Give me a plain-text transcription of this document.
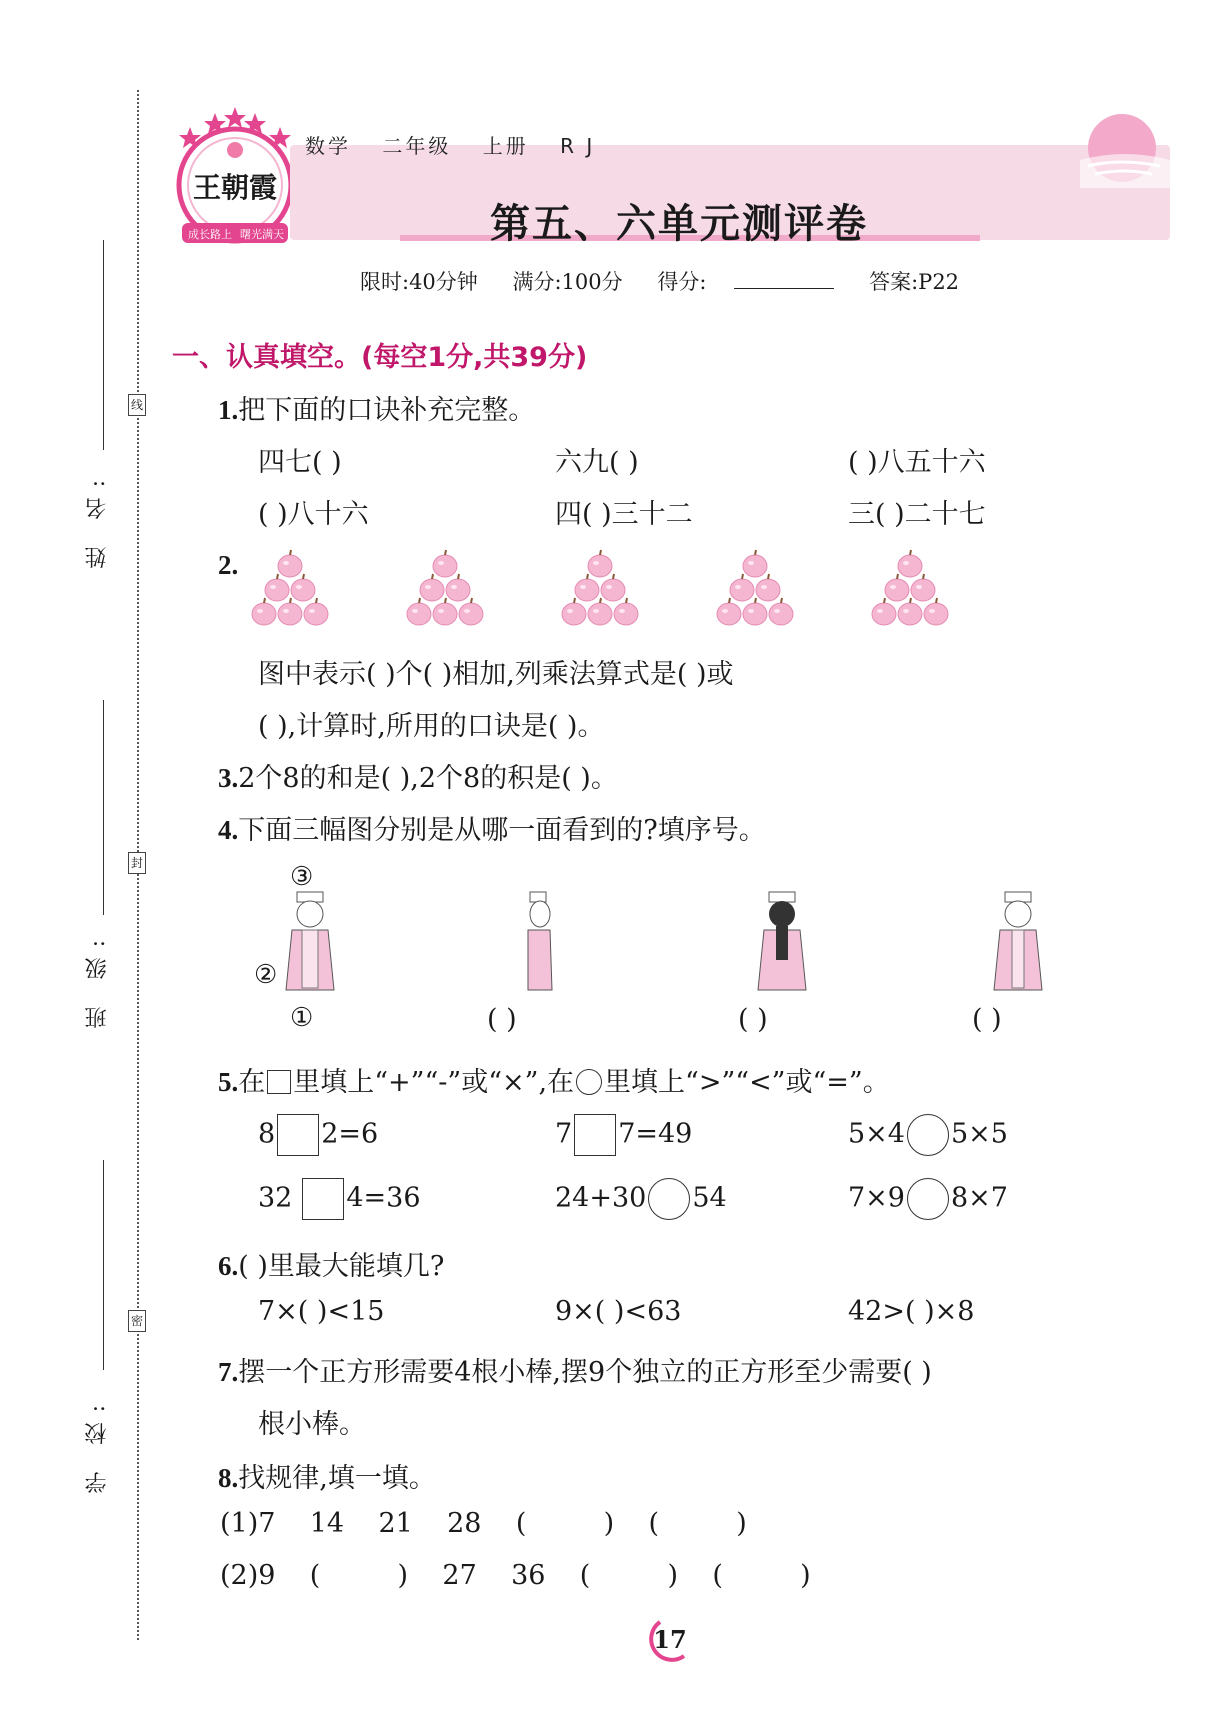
线
封
密
姓 名:
班 级:
学 校:
王朝霞
成长路上 曙光满天
数学 二年级 上册 R J
第五、六单元测评卷
限时:40分钟 满分:100分 得分:	答案:P22
一、认真填空。(每空1分,共39分)
1.把下面的口诀补充完整。
四七( )	六九( )	( )八五十六
( )八十六	四( )三十二	三( )二十七
2.
图中表示( )个( )相加,列乘法算式是( )或
( ),计算时,所用的口诀是( )。
3.2个8的和是( ),2个8的积是( )。
4.下面三幅图分别是从哪一面看到的?填序号。
③
②
①	( )	( )	( )
5.在 里填上“+”“-”或“×”,在 里填上“>”“<”或“=”。
8 2=6	7 7=49	5×4 5×5
32 4=36	24+30 54	7×9 8×7
6.( )里最大能填几?
7×( )<15	9×( )<63	42>( )×8
7.摆一个正方形需要4根小棒,摆9个独立的正方形至少需要( )
根小棒。
8.找规律,填一填。
(1)7    14    21    28    (         )    (         )
(2)9    (         )    27    36    (         )    (         )
17
